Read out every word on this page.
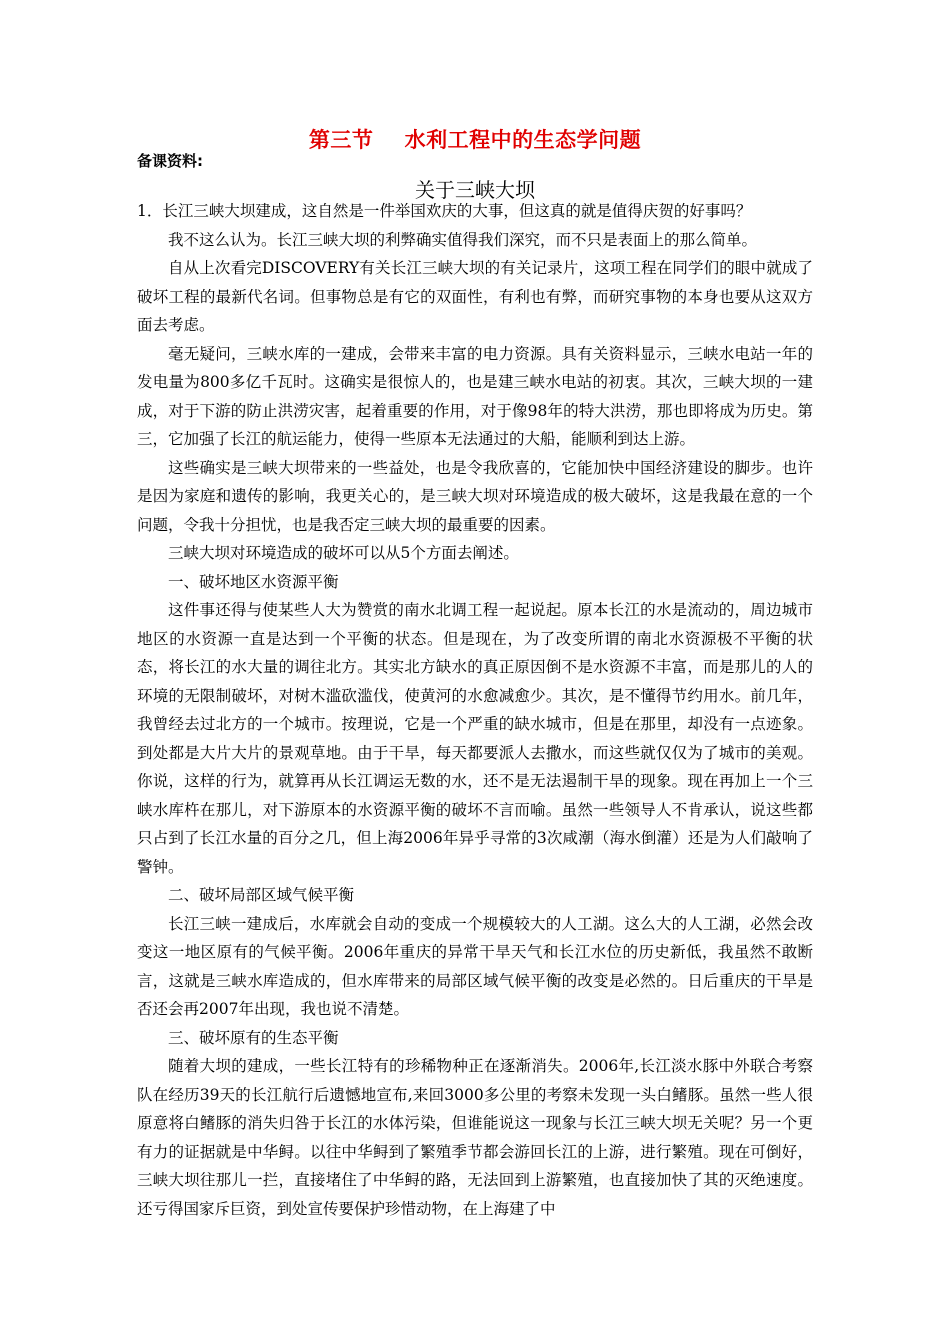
第三节    水利工程中的生态学问题
备课资料:
关于三峡大坝

1．长江三峡大坝建成，这自然是一件举国欢庆的大事，但这真的就是值得庆贺的好事吗？

我不这么认为。长江三峡大坝的利弊确实值得我们深究，而不只是表面上的那么简单。

自从上次看完DISCOVERY有关长江三峡大坝的有关记录片，这项工程在同学们的眼中就成了破坏工程的最新代名词。但事物总是有它的双面性，有利也有弊，而研究事物的本身也要从这双方面去考虑。

毫无疑问，三峡水库的一建成，会带来丰富的电力资源。具有关资料显示，三峡水电站一年的发电量为800多亿千瓦时。这确实是很惊人的，也是建三峡水电站的初衷。其次，三峡大坝的一建成，对于下游的防止洪涝灾害，起着重要的作用，对于像98年的特大洪涝，那也即将成为历史。第三，它加强了长江的航运能力，使得一些原本无法通过的大船，能顺利到达上游。

这些确实是三峡大坝带来的一些益处，也是令我欣喜的，它能加快中国经济建设的脚步。也许是因为家庭和遗传的影响，我更关心的，是三峡大坝对环境造成的极大破坏，这是我最在意的一个问题，令我十分担忧，也是我否定三峡大坝的最重要的因素。

三峡大坝对环境造成的破坏可以从5个方面去阐述。

一、破坏地区水资源平衡

这件事还得与使某些人大为赞赏的南水北调工程一起说起。原本长江的水是流动的，周边城市地区的水资源一直是达到一个平衡的状态。但是现在，为了改变所谓的南北水资源极不平衡的状态，将长江的水大量的调往北方。其实北方缺水的真正原因倒不是水资源不丰富，而是那儿的人的环境的无限制破坏，对树木滥砍滥伐，使黄河的水愈减愈少。其次，是不懂得节约用水。前几年，我曾经去过北方的一个城市。按理说，它是一个严重的缺水城市，但是在那里，却没有一点迹象。到处都是大片大片的景观草地。由于干旱，每天都要派人去撒水，而这些就仅仅为了城市的美观。你说，这样的行为，就算再从长江调运无数的水，还不是无法遏制干旱的现象。现在再加上一个三峡水库杵在那儿，对下游原本的水资源平衡的破坏不言而喻。虽然一些领导人不肯承认，说这些都只占到了长江水量的百分之几，但上海2006年异乎寻常的3次咸潮（海水倒灌）还是为人们敲响了警钟。

二、破坏局部区域气候平衡

长江三峡一建成后，水库就会自动的变成一个规模较大的人工湖。这么大的人工湖，必然会改变这一地区原有的气候平衡。2006年重庆的异常干旱天气和长江水位的历史新低，我虽然不敢断言，这就是三峡水库造成的，但水库带来的局部区域气候平衡的改变是必然的。日后重庆的干旱是否还会再2007年出现，我也说不清楚。

三、破坏原有的生态平衡

随着大坝的建成，一些长江特有的珍稀物种正在逐渐消失。2006年,长江淡水豚中外联合考察队在经历39天的长江航行后遗憾地宣布,来回3000多公里的考察未发现一头白鳍豚。虽然一些人很原意将白鳍豚的消失归咎于长江的水体污染，但谁能说这一现象与长江三峡大坝无关呢？另一个更有力的证据就是中华鲟。以往中华鲟到了繁殖季节都会游回长江的上游，进行繁殖。现在可倒好，三峡大坝往那儿一拦，直接堵住了中华鲟的路，无法回到上游繁殖，也直接加快了其的灭绝速度。还亏得国家斥巨资，到处宣传要保护珍惜动物，在上海建了中
